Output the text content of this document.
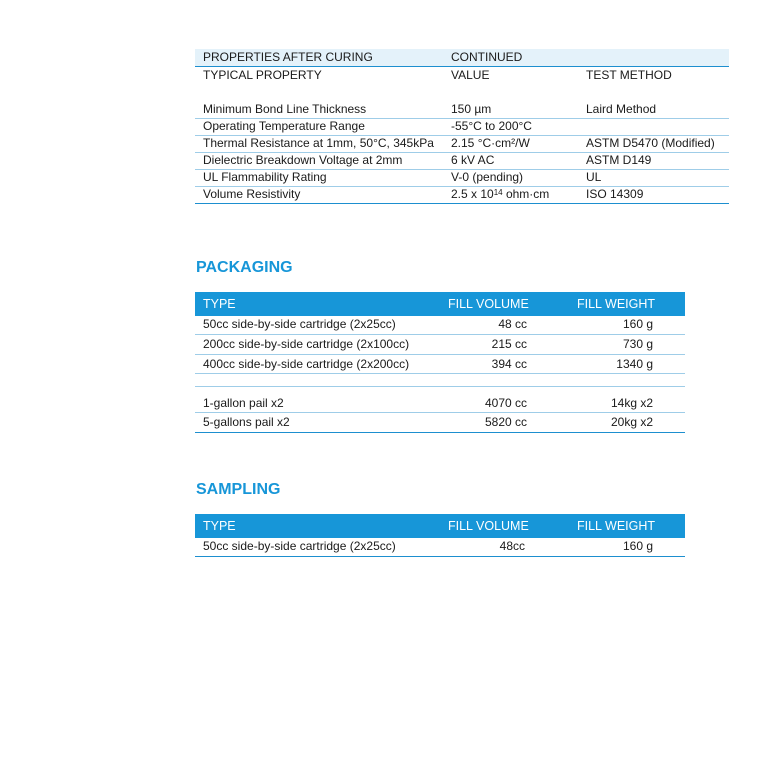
PROPERTIES AFTER CURING	CONTINUED
TYPICAL PROPERTY	VALUE	TEST METHOD
Minimum Bond Line Thickness	150 µm	Laird Method
Operating Temperature Range	-55°C to 200°C
Thermal Resistance at 1mm, 50°C, 345kPa 2.15 °C·cm²/W	ASTM D5470 (Modified)
Dielectric Breakdown Voltage at 2mm	6 kV AC	ASTM D149
UL Flammability Rating	V-0 (pending)	UL
Volume Resistivity	2.5 x $10^{14}$ ohm·cm	ISO 14309
PACKAGING
TYPE	FILL VOLUME	FILL WEIGHT
50cc side-by-side cartridge (2x25cc)	48 cc	160 g
200cc side-by-side cartridge (2x100cc)	215 cc	730 g
400cc side-by-side cartridge (2x200cc)	394 cc	1340 g
1-gallon pail x2	4070 cc	14kg x2
5-gallons pail x2	5820 cc	20kg x2
SAMPLING
TYPE	FILL VOLUME	FILL WEIGHT
50cc side-by-side cartridge (2x25cc)	48cc	160 g
